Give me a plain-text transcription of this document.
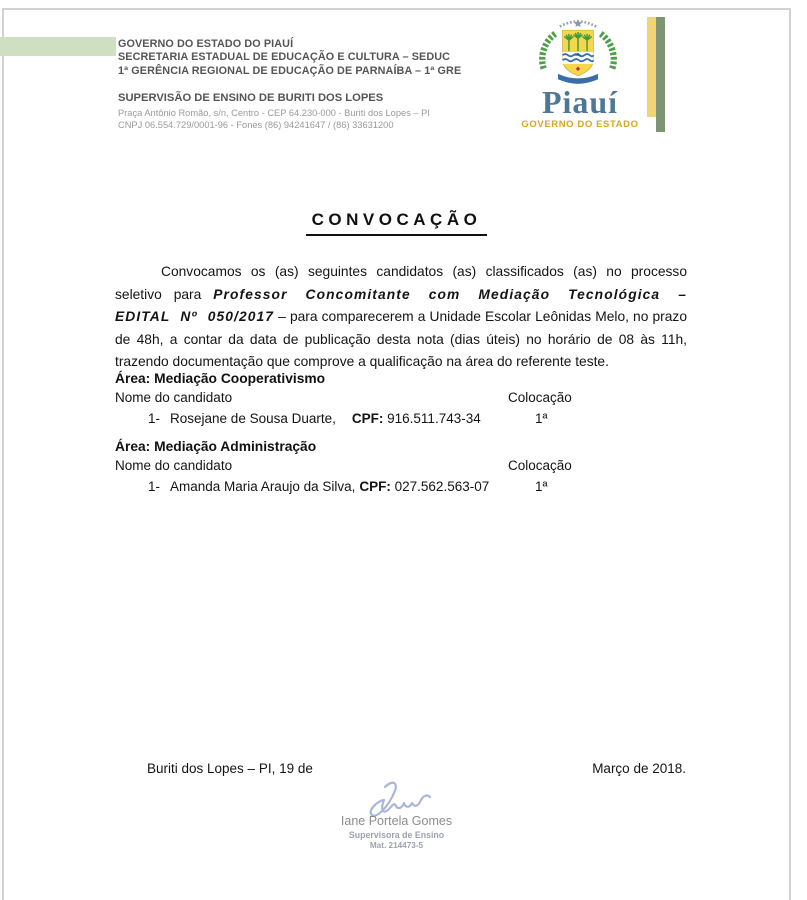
GOVERNO DO ESTADO DO PIAUÍ
SECRETARIA ESTADUAL DE EDUCAÇÃO E CULTURA – SEDUC
1ª GERÊNCIA REGIONAL DE EDUCAÇÃO DE PARNAÍBA – 1ª GRE
SUPERVISÃO DE ENSINO DE BURITI DOS LOPES
Praça Antônio Romão, s/n, Centro - CEP 64.230-000 - Buriti dos Lopes – PI
CNPJ 06.554.729/0001-96 - Fones (86) 94241647 / (86) 33631200
Piauí
GOVERNO DO ESTADO
CONVOCAÇÃO
Convocamos os (as) seguintes candidatos (as) classificados (as) no processo seletivo para Professor Concomitante com Mediação Tecnológica – EDITAL Nº 050/2017 – para comparecerem a Unidade Escolar Leônidas Melo, no prazo de 48h, a contar da data de publicação desta nota (dias úteis) no horário de 08 às 11h, trazendo documentação que comprove a qualificação na área do referente teste.
Área: Mediação Cooperativismo
Nome do candidato	Colocação
1- Rosejane de Sousa Duarte, CPF: 916.511.743-34	1ª
Área: Mediação Administração
Nome do candidato	Colocação
1- Amanda Maria Araujo da Silva, CPF: 027.562.563-07	1ª
Buriti dos Lopes – PI, 19 de	Março de 2018.
Iane Portela Gomes
Supervisora de Ensino
Mat. 214473-5
